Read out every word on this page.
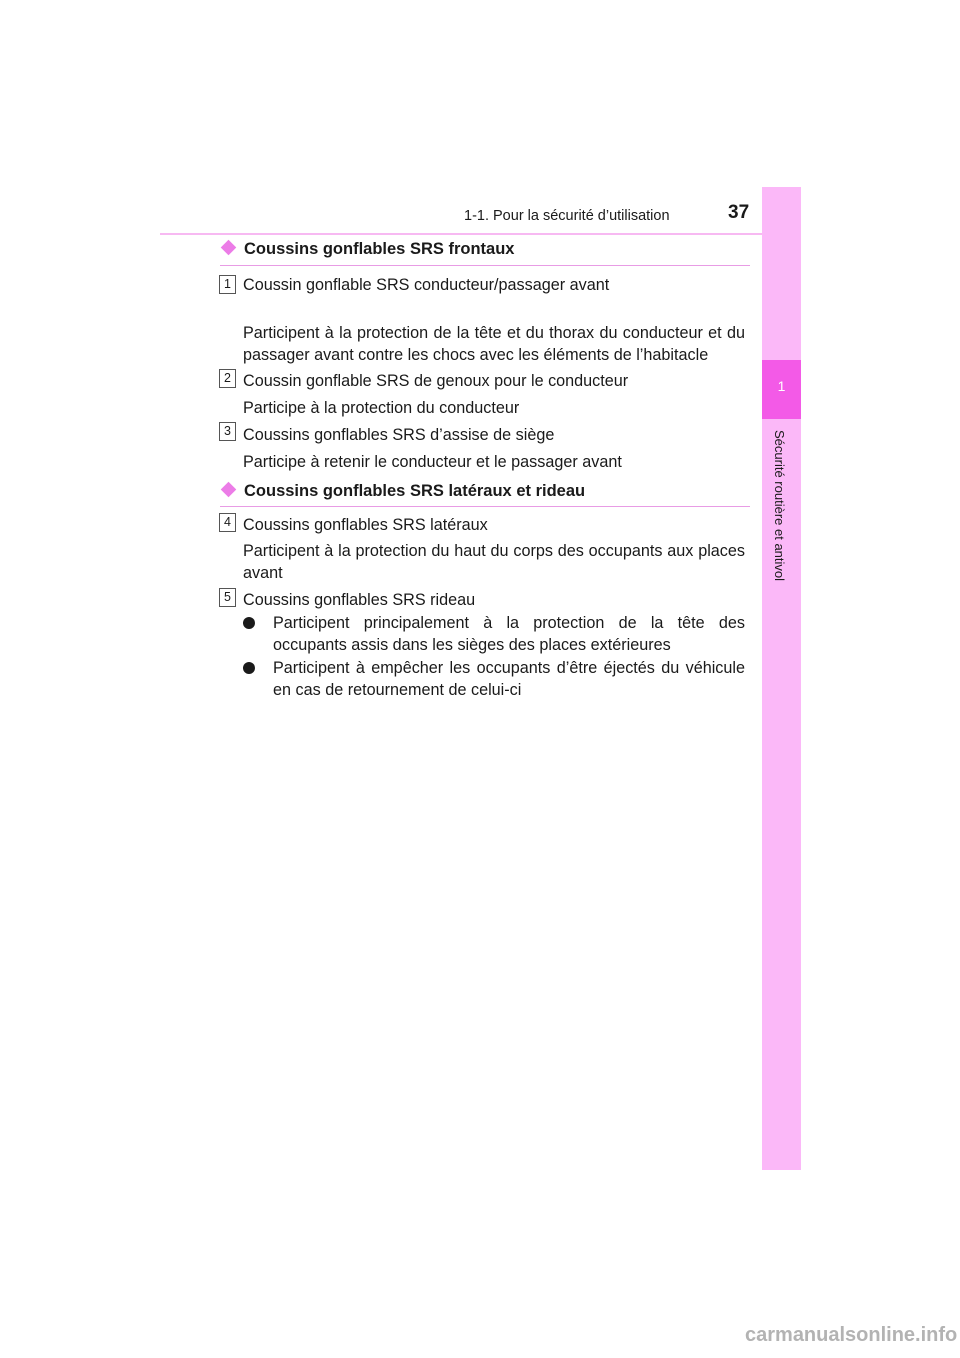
1-1. Pour la sécurité d’utilisation	37
1
Sécurité routière et antivol
Coussins gonflables SRS frontaux
1 Coussin gonflable SRS conducteur/passager avant
Participent à la protection de la tête et du thorax du conducteur et du passager avant contre les chocs avec les éléments de l’habitacle
2 Coussin gonflable SRS de genoux pour le conducteur
Participe à la protection du conducteur
3 Coussins gonflables SRS d’assise de siège
Participe à retenir le conducteur et le passager avant
Coussins gonflables SRS latéraux et rideau
4 Coussins gonflables SRS latéraux
Participent à la protection du haut du corps des occupants aux places avant
5 Coussins gonflables SRS rideau
Participent principalement à la protection de la tête des occupants assis dans les sièges des places extérieures
Participent à empêcher les occupants d’être éjectés du véhicule en cas de retournement de celui-ci
carmanualsonline.info
